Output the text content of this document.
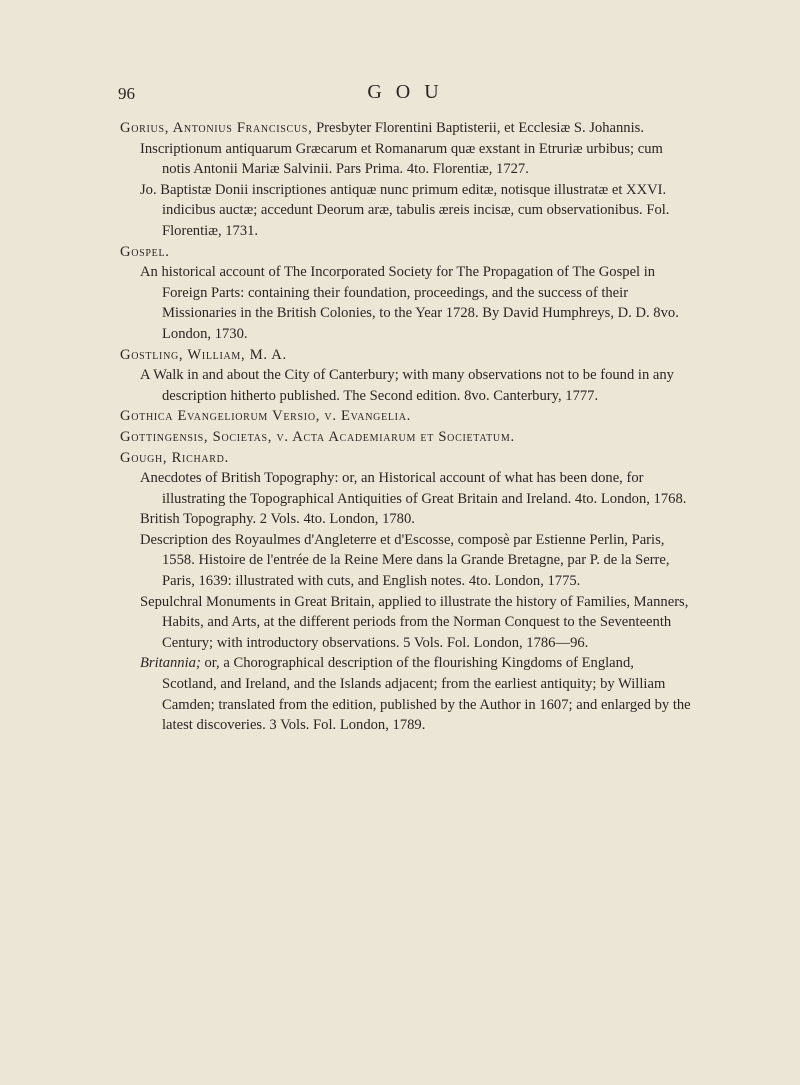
96	GOU

Gorius, Antonius Franciscus, Presbyter Florentini Baptisterii, et Ecclesiæ S. Johannis.

Inscriptionum antiquarum Græcarum et Romanarum quæ exstant in Etruriæ urbibus; cum notis Antonii Mariæ Salvinii. Pars Prima. 4to. Florentiæ, 1727.

Jo. Baptistæ Donii inscriptiones antiquæ nunc primum editæ, notisque illustratæ et XXVI. indicibus auctæ; accedunt Deorum aræ, tabulis æreis incisæ, cum observationibus. Fol. Florentiæ, 1731.

Gospel.

An historical account of The Incorporated Society for The Propagation of The Gospel in Foreign Parts: containing their foundation, proceedings, and the success of their Missionaries in the British Colonies, to the Year 1728. By David Humphreys, D. D. 8vo. London, 1730.

Gostling, William, M. A.

A Walk in and about the City of Canterbury; with many observations not to be found in any description hitherto published. The Second edition. 8vo. Canterbury, 1777.

Gothica Evangeliorum Versio, v. Evangelia.

Gottingensis, Societas, v. Acta Academiarum et Societatum.

Gough, Richard.

Anecdotes of British Topography: or, an Historical account of what has been done, for illustrating the Topographical Antiquities of Great Britain and Ireland. 4to. London, 1768.

British Topography. 2 Vols. 4to. London, 1780.

Description des Royaulmes d'Angleterre et d'Escosse, composè par Estienne Perlin, Paris, 1558. Histoire de l'entrée de la Reine Mere dans la Grande Bretagne, par P. de la Serre, Paris, 1639: illustrated with cuts, and English notes. 4to. London, 1775.

Sepulchral Monuments in Great Britain, applied to illustrate the history of Families, Manners, Habits, and Arts, at the different periods from the Norman Conquest to the Seventeenth Century; with introductory observations. 5 Vols. Fol. London, 1786—96.

Britannia; or, a Chorographical description of the flourishing Kingdoms of England, Scotland, and Ireland, and the Islands adjacent; from the earliest antiquity; by William Camden; translated from the edition, published by the Author in 1607; and enlarged by the latest discoveries. 3 Vols. Fol. London, 1789.
